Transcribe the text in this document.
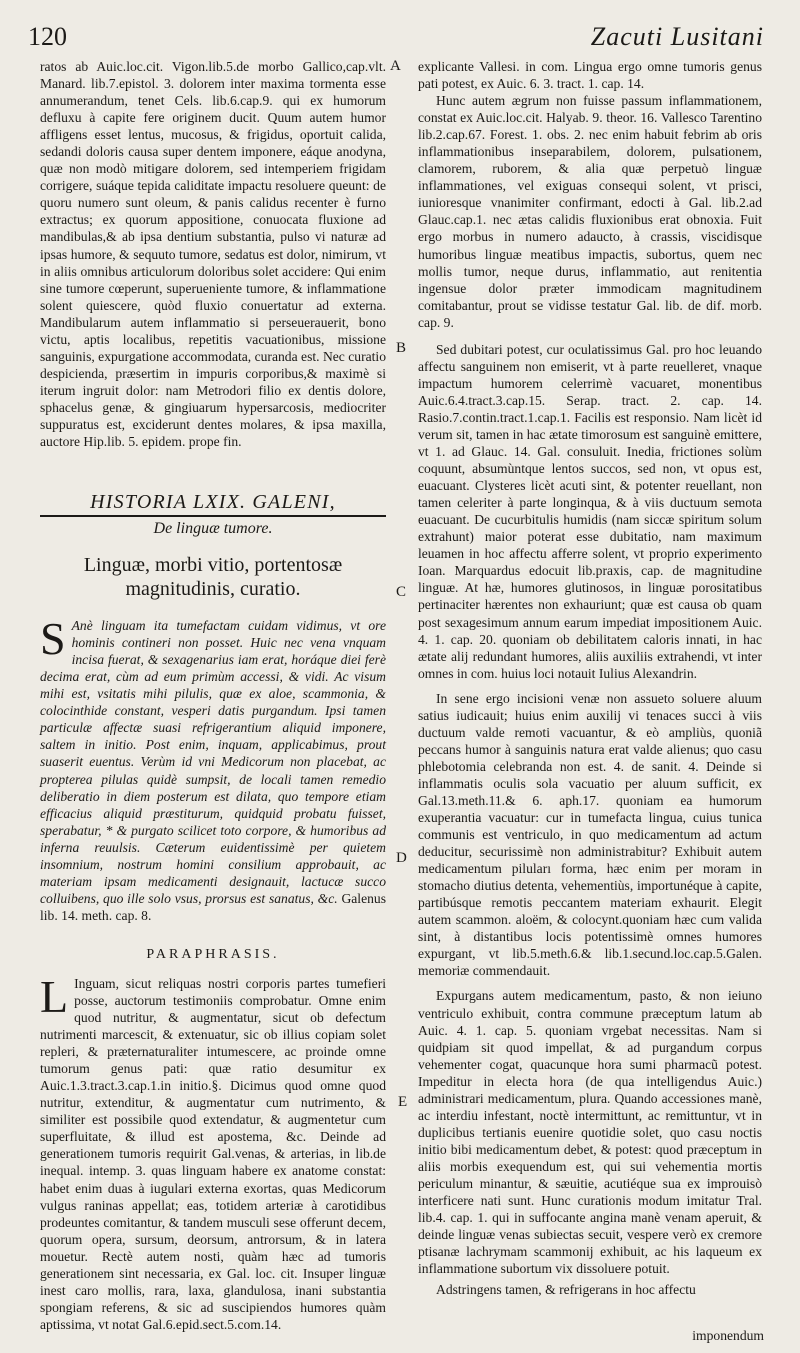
120	Zacuti Lusitani
A
B
C
D
E

ratos ab Auic.loc.cit. Vigon.lib.5.de morbo Gallico,cap.vlt. Manard. lib.7.epistol. 3. dolorem inter maxima tormenta esse annumerandum, tenet Cels. lib.6.cap.9. qui ex humorum defluxu à capite fere originem ducit. Quum autem humor affligens esset lentus, mucosus, & frigidus, oportuit calida, sedandi doloris causa super dentem imponere, eáque anodyna, quæ non modò mitigare dolorem, sed intemperiem frigidam corrigere, suáque tepida caliditate impactu resoluere queunt: de quoru numero sunt oleum, & panis calidus recenter è furno extractus; ex quorum appositione, conuocata fluxione ad mandibulas,& ab ipsa dentium substantia, pulso vi naturæ ad ipsas humore, & sequuto tumore, sedatus est dolor, nimirum, vt in aliis omnibus articulorum doloribus solet accidere: Qui enim sine tumore cœperunt, superueniente tumore, & inflammatione solent quiescere, quòd fluxio conuertatur ad externa. Mandibularum autem inflammatio si perseuerauerit, bono victu, aptis localibus, repetitis vacuationibus, missione sanguinis, expurgatione accommodata, curanda est. Nec curatio despicienda, præsertim in impuris corporibus,& maximè si iterum ingruit dolor: nam Metrodori filio ex dentis dolore, sphacelus genæ, & gingiuarum hypersarcosis, mediocriter suppuratus est, exciderunt dentes molares, & ipsa maxilla, auctore Hip.lib. 5. epidem. prope fin.

HISTORIA LXIX. GALENI,
De linguæ tumore.
Linguæ, morbi vitio, portentosæ
magnitudinis, curatio.

S Anè linguam ita tumefactam cuidam vidimus, vt ore hominis contineri non posset. Huic nec vena vnquam incisa fuerat, & sexagenarius iam erat, horáque diei ferè decima erat, cùm ad eum primùm accessi, & vidi. Ac visum mihi est, vsitatis mihi pilulis, quæ ex aloe, scammonia, & colocinthide constant, vesperi datis purgandum. Ipsi tamen particulæ affectæ suasi refrigerantium aliquid imponere, saltem in initio. Post enim, inquam, applicabimus, prout suaserit euentus. Verùm id vni Medicorum non placebat, ac propterea pilulas quidè sumpsit, de locali tamen remedio deliberatio in diem posterum est dilata, quo tempore etiam efficacius aliquid præstiturum, quidquid probatu fuisset, sperabatur, * & purgato scilicet toto corpore, & humoribus ad inferna reuulsis. Cæterum euidentissimè per quietem insomnium, nostrum homini consilium approbauit, ac materiam ipsam medicamenti designauit, lactucæ succo colluibens, quo ille solo vsus, prorsus est sanatus, &c. Galenus lib. 14. meth. cap. 8.

PARAPHRASIS.

L Inguam, sicut reliquas nostri corporis partes tumefieri posse, auctorum testimoniis comprobatur. Omne enim quod nutritur, & augmentatur, sicut ob defectum nutrimenti marcescit, & extenuatur, sic ob illius copiam solet repleri, & præternaturaliter intumescere, ac proinde omne tumorum genus pati: quæ ratio desumitur ex Auic.1.3.tract.3.cap.1.in initio.§. Dicimus quod omne quod nutritur, extenditur, & augmentatur cum nutrimento, & similiter est possibile quod extendatur, & augmentetur cum superfluitate, & illud est apostema, &c. Deinde ad generationem tumoris requirit Gal.venas, & arterias, in lib.de inequal. intemp. 3. quas linguam habere ex anatome constat: habet enim duas à iugulari externa exortas, quas Medicorum vulgus raninas appellat; eas, totidem arteriæ à carotidibus prodeuntes comitantur, & tandem musculi sese offerunt decem, quorum opera, sursum, deorsum, antrorsum, & in latera mouetur. Rectè autem nosti, quàm hæc ad tumoris generationem sint necessaria, ex Gal. loc. cit. Insuper linguæ inest caro mollis, rara, laxa, glandulosa, inani substantia spongiam referens, & sic ad suscipiendos humores quàm aptissima, vt notat Gal.6.epid.sect.5.com.14.

explicante Vallesi. in com. Lingua ergo omne tumoris genus pati potest, ex Auic. 6. 3. tract. 1. cap. 14.

Hunc autem ægrum non fuisse passum inflammationem, constat ex Auic.loc.cit. Halyab. 9. theor. 16. Vallesco Tarentino lib.2.cap.67. Forest. 1. obs. 2. nec enim habuit febrim ab oris inflammationibus inseparabilem, dolorem, pulsationem, clamorem, ruborem, & alia quæ perpetuò linguæ inflammationes, vel exiguas consequi solent, vt prisci, iunioresque vnanimiter confirmant, edocti à Gal. lib.2.ad Glauc.cap.1. nec ætas calidis fluxionibus erat obnoxia. Fuit ergo morbus in numero adaucto, à crassis, viscidisque humoribus linguæ meatibus impactis, subortus, quem nec mollis tumor, neque durus, inflammatio, aut renitentia ingensue dolor præter immodicam magnitudinem comitabantur, prout se vidisse testatur Gal. lib. de dif. morb. cap. 9.

Sed dubitari potest, cur oculatissimus Gal. pro hoc leuando affectu sanguinem non emiserit, vt à parte reuelleret, vnaque impactum humorem celerrimè vacuaret, monentibus Auic.6.4.tract.3.cap.15. Serap. tract. 2. cap. 14. Rasio.7.contin.tract.1.cap.1. Facilis est responsio. Nam licèt id verum sit, tamen in hac ætate timorosum est sanguinè emittere, vt 1. ad Glauc. 14. Gal. consuluit. Inedia, frictiones solùm coquunt, absumùntque lentos succos, sed non, vt opus est, euacuant. Clysteres licèt acuti sint, & potenter reuellant, non tamen celeriter à parte longinqua, & à viis ductuum semota euacuant. De cucurbitulis humidis (nam siccæ spiritum solum extrahunt) maior poterat esse dubitatio, nam maximum leuamen in hoc affectu afferre solent, vt proprio experimento Ioan. Marquardus edocuit lib.praxis, cap. de magnitudine linguæ. At hæ, humores glutinosos, in linguæ porositatibus pertinaciter hærentes non exhauriunt; quæ est causa ob quam post sexagesimum annum earum impediat impositionem Auic. 4. 1. cap. 20. quoniam ob debilitatem caloris innati, in hac ætate alij redundant humores, aliis auxiliis extrahendi, vt inter omnes in com. huius loci notauit Iulius Alexandrin.

In sene ergo incisioni venæ non assueto soluere aluum satius iudicauit; huius enim auxilij vi tenaces succi à viis ductuum valde remoti vacuantur, & eò ampliùs, quoniã peccans humor à sanguinis natura erat valde alienus; quo casu phlebotomia celebranda non est. 4. de sanit. 4. Deinde si inflammatis oculis sola vacuatio per aluum sufficit, ex Gal.13.meth.11.& 6. aph.17. quoniam ea humorum exuperantia vacuatur: cur in tumefacta lingua, cuius tunica communis est ventriculo, in quo medicamentum ad actum deducitur, securissimè non administrabitur? Exhibuit autem medicamentum piluları forma, hæc enim per moram in stomacho diutius detenta, vehementiùs, importunéque à capite, partibúsque remotis peccantem materiam exhaurit. Elegit autem scammon. aloëm, & colocynt.quoniam hæc cum valida sint, à distantibus locis potentissimè omnes humores expurgant, vt lib.5.meth.6.& lib.1.secund.loc.cap.5.Galen. memoriæ commendauit.

Expurgans autem medicamentum, pasto, & non ieiuno ventriculo exhibuit, contra commune præceptum latum ab Auic. 4. 1. cap. 5. quoniam vrgebat necessitas. Nam si quidpiam sit quod impellat, & ad purgandum corpus vehementer cogat, quacunque hora sumi pharmacũ potest. Impeditur in electa hora (de qua intelligendus Auic.) administrari medicamentum, plura. Quando accessiones manè, ac interdiu infestant, noctè intermittunt, ac remittuntur, vt in duplicibus tertianis euenire quotidie solet, quo casu noctis initio bibi medicamentum debet, & potest: quod præceptum in aliis morbis exequendum est, qui sui vehementia mortis periculum minantur, & sæuitie, acutiéque sua ex improuisò interficere nati sunt. Hunc curationis modum imitatur Tral. lib.4. cap. 1. qui in suffocante angina manè venam aperuit, & deinde linguæ venas subiectas secuit, vespere verò ex cremore ptisanæ lachrymam scammonij exhibuit, ac his laqueum ex inflammatione subortum vix dissoluere potuit.

Adstringens tamen, & refrigerans in hoc affectu

imponendum
